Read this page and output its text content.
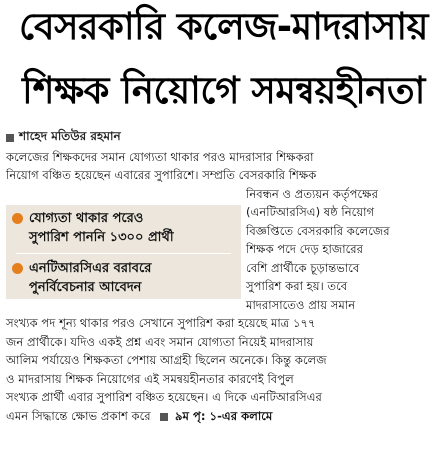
বেসরকারি কলেজ-মাদরাসায়
শিক্ষক নিয়োগে সমন্বয়হীনতা
শাহেদ মতিউর রহমান
কলেজের শিক্ষকদের সমান যোগ্যতা থাকার পরও মাদরাসার শিক্ষকরা
নিয়োগ বঞ্চিত হয়েছেন এবারের সুপারিশে। সম্প্রতি বেসরকারি শিক্ষক
নিবন্ধন ও প্রত্যয়ন কর্তৃপক্ষের
(এনটিআরসিএ) ষষ্ঠ নিয়োগ
বিজ্ঞপ্তিতে বেসরকারি কলেজের
শিক্ষক পদে দেড় হাজারের
বেশি প্রার্থীকে চূড়ান্তভাবে
সুপারিশ করা হয়। তবে
মাদরাসাতেও প্রায় সমান
সংখ্যক পদ শূন্য থাকার পরও সেখানে সুপারিশ করা হয়েছে মাত্র ১৭৭
জন প্রার্থীকে। যদিও একই প্রশ্ন এবং সমান যোগ্যতা নিয়েই মাদরাসায়
আলিম পর্যায়েও শিক্ষকতা পেশায় আগ্রহী ছিলেন অনেকে। কিন্তু কলেজ
ও মাদরাসায় শিক্ষক নিয়োগের এই সমন্বয়হীনতার কারণেই বিপুল
সংখ্যক প্রার্থী এবার সুপারিশ বঞ্চিত হয়েছেন। এ দিকে এনটিআরসিএর
এমন সিদ্ধান্তে ক্ষোভ প্রকাশ করে ৯ম পৃ: ১-এর কলামে
যোগ্যতা থাকার পরেও
সুপারিশ পাননি ১৩০০ প্রার্থী
এনটিআরসিএর বরাবরে
পুনর্বিবেচনার আবেদন
